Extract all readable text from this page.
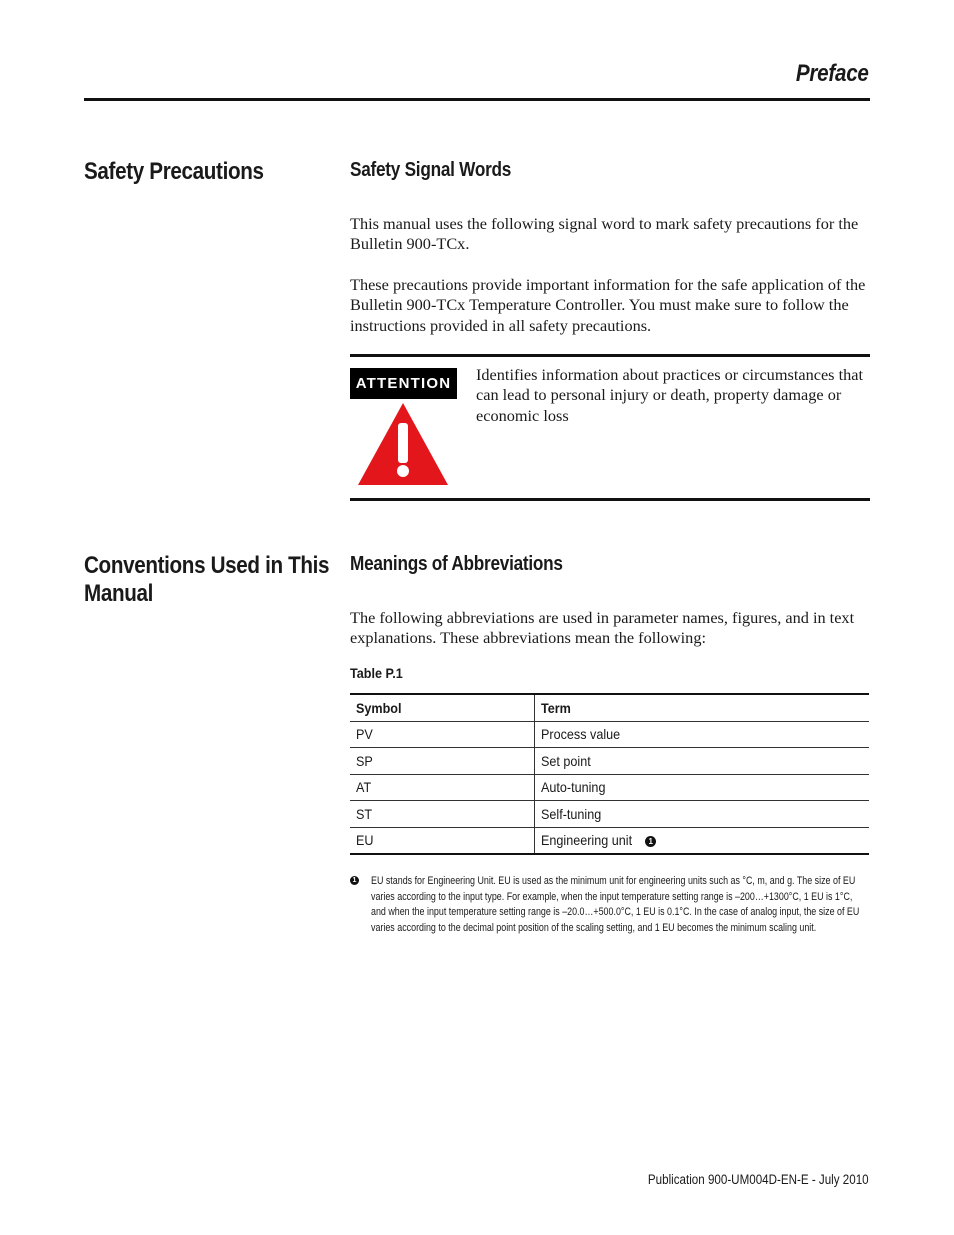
Preface
Safety Precautions	Safety Signal Words
This manual uses the following signal word to mark safety precautions for the Bulletin 900-TCx.
These precautions provide important information for the safe application of the Bulletin 900-TCx Temperature Controller. You must make sure to follow the instructions provided in all safety precautions.
ATTENTION	Identifies information about practices or circumstances that can lead to personal injury or death, property damage or economic loss
Conventions Used in This Manual
Meanings of Abbreviations
The following abbreviations are used in parameter names, figures, and in text explanations. These abbreviations mean the following:
Table P.1
Symbol	Term
PV	Process value
SP	Set point
AT	Auto-tuning
ST	Self-tuning
EU	Engineering unit 1
1 EU stands for Engineering Unit. EU is used as the minimum unit for engineering units such as °C, m, and g. The size of EU varies according to the input type. For example, when the input temperature setting range is –200…+1300°C, 1 EU is 1°C, and when the input temperature setting range is –20.0…+500.0°C, 1 EU is 0.1°C. In the case of analog input, the size of EU varies according to the decimal point position of the scaling setting, and 1 EU becomes the minimum scaling unit.
Publication 900-UM004D-EN-E - July 2010
